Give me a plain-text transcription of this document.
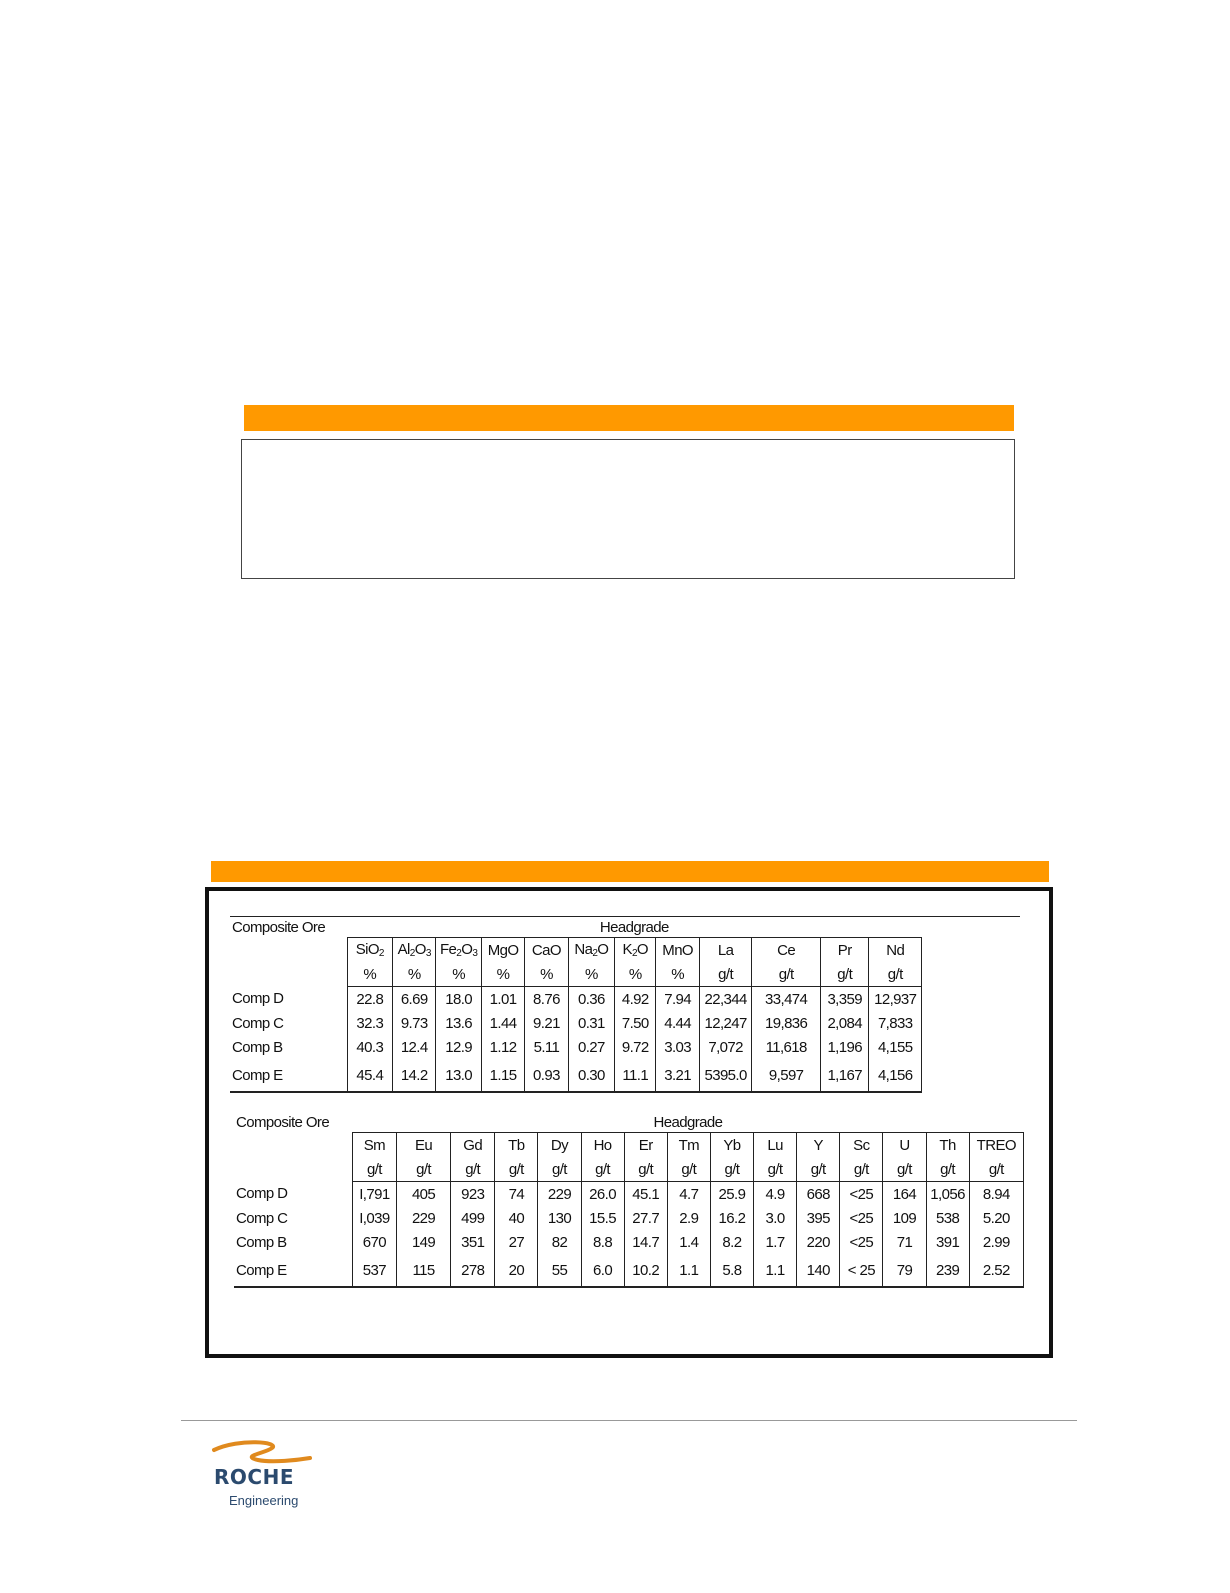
Composite Ore	Headgrade											
	SiO$_2$	$Al_2O_3$	$Fe_2O_3$	MgO	CaO	$Na_2O$	$K_2O$	MnO	La	Ce	Pr	Nd
	%	%	%	%	%	%	%	%	g/t	g/t	g/t	g/t
Comp D	22.8	6.69	18.0	1.01	8.76	0.36	4.92	7.94	22,344	33,474	3,359	12,937
Comp C	32.3	9.73	13.6	1.44	9.21	0.31	7.50	4.44	12,247	19,836	2,084	7,833
Comp B	40.3	12.4	12.9	1.12	5.11	0.27	9.72	3.03	7,072	11,618	1,196	4,155
Comp E	45.4	14.2	13.0	1.15	0.93	0.30	11.1	3.21	5395.0	9,597	1,167	4,156
Composite Ore	Headgrade														
	Sm	Eu	Gd	Tb	Dy	Ho	Er	Tm	Yb	Lu	Y	Sc	U	Th	TREO
	g/t	g/t	g/t	g/t	g/t	g/t	g/t	g/t	g/t	g/t	g/t	g/t	g/t	g/t	g/t
Comp D	I,791	405	923	74	229	26.0	45.1	4.7	25.9	4.9	668	<25	164	1,056	8.94
Comp C	I,039	229	499	40	130	15.5	27.7	2.9	16.2	3.0	395	<25	109	538	5.20
Comp B	670	149	351	27	82	8.8	14.7	1.4	8.2	1.7	220	<25	71	391	2.99
Comp E	537	115	278	20	55	6.0	10.2	1.1	5.8	1.1	140	< 25	79	239	2.52
ROCHE
Engineering
